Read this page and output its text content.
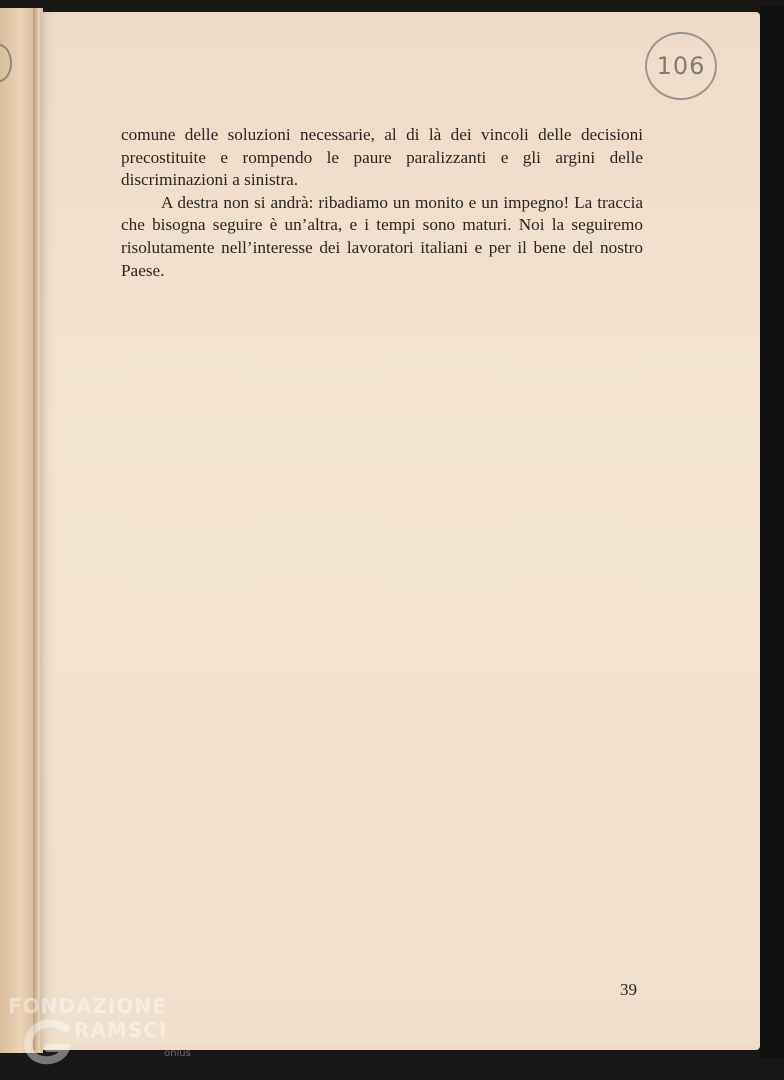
106

comune delle soluzioni necessarie, al di là dei vincoli delle decisioni precostituite e rompendo le paure paralizzanti e gli argini delle discriminazioni a sinistra.

A destra non si andrà: ribadiamo un monito e un impegno! La traccia che bisogna seguire è un’altra, e i tempi sono maturi. Noi la seguiremo risolutamente nell’interesse dei lavoratori italiani e per il bene del nostro Paese.

39
FONDAZIONE
RAMSCI
onlus
